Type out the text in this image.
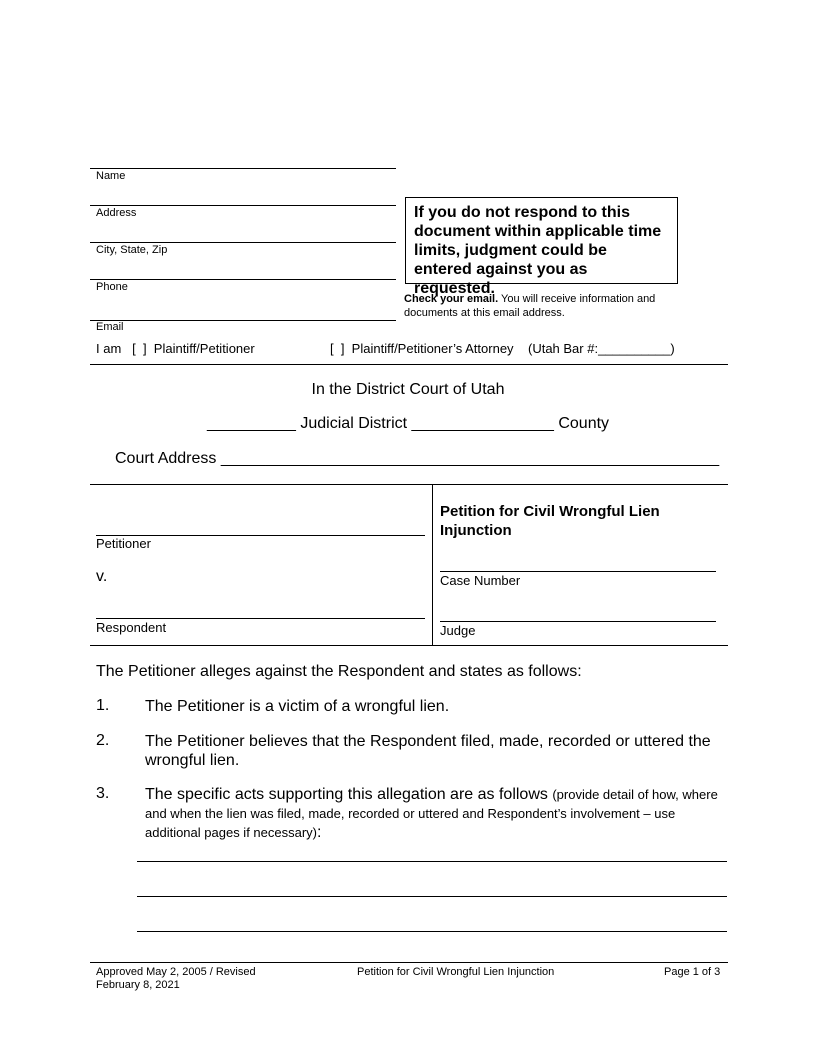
Name
Address
City, State, Zip
Phone
Email
If you do not respond to this document within applicable time limits, judgment could be entered against you as requested.
Check your email. You will receive information and documents at this email address.
I am   [  ]  Plaintiff/Petitioner	[  ]  Plaintiff/Petitioner’s Attorney    (Utah Bar #:__________)
In the District Court of Utah
__________ Judicial District ________________ County
Court Address ________________________________________________________
Petitioner
v.
Respondent
Petition for Civil Wrongful Lien Injunction
Case Number
Judge
The Petitioner alleges against the Respondent and states as follows:
1. The Petitioner is a victim of a wrongful lien.
2. The Petitioner believes that the Respondent filed, made, recorded or uttered the wrongful lien.
3. The specific acts supporting this allegation are as follows (provide detail of how, where and when the lien was filed, made, recorded or uttered and Respondent’s involvement – use additional pages if necessary):
Approved May 2, 2005 / Revised February 8, 2021
Petition for Civil Wrongful Lien Injunction	Page 1 of 3
